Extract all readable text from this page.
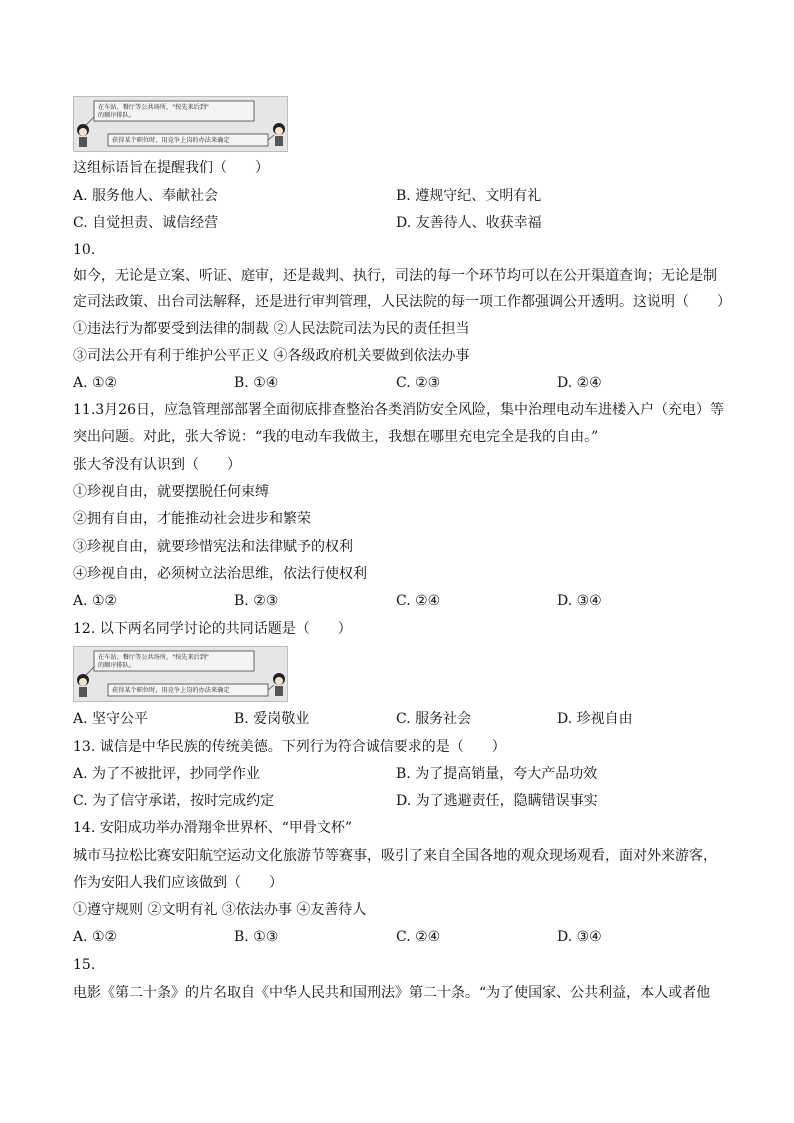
在车站、餐厅等公共场所，"按先来后到"
的顺序排队。
获得某个职位时，用竞争上岗的办法来确定
这组标语旨在提醒我们（　　）
A. 服务他人、奉献社会	B. 遵规守纪、文明有礼
C. 自觉担责、诚信经营	D. 友善待人、收获幸福
10.
如今，无论是立案、听证、庭审，还是裁判、执行，司法的每一个环节均可以在公开渠道查询；无论是制
定司法政策、出台司法解释，还是进行审判管理，人民法院的每一项工作都强调公开透明。这说明（　　）
①违法行为都要受到法律的制裁 ②人民法院司法为民的责任担当
③司法公开有利于维护公平正义 ④各级政府机关要做到依法办事
A. ①②	B. ①④	C. ②③	D. ②④
11.3月26日，应急管理部部署全面彻底排查整治各类消防安全风险，集中治理电动车进楼入户（充电）等
突出问题。对此，张大爷说：“我的电动车我做主，我想在哪里充电完全是我的自由。”
张大爷没有认识到（　　）
①珍视自由，就要摆脱任何束缚
②拥有自由，才能推动社会进步和繁荣
③珍视自由，就要珍惜宪法和法律赋予的权利
④珍视自由，必须树立法治思维，依法行使权利
A. ①②	B. ②③	C. ②④	D. ③④
12. 以下两名同学讨论的共同话题是（　　）
在车站、餐厅等公共场所，"按先来后到"
的顺序排队。
获得某个职位时，用竞争上岗的办法来确定
A. 坚守公平	B. 爱岗敬业	C. 服务社会	D. 珍视自由
13. 诚信是中华民族的传统美德。下列行为符合诚信要求的是（　　）
A. 为了不被批评，抄同学作业	B. 为了提高销量，夸大产品功效
C. 为了信守承诺，按时完成约定	D. 为了逃避责任，隐瞒错误事实
14. 安阳成功举办滑翔伞世界杯、“甲骨文杯”
城市马拉松比赛安阳航空运动文化旅游节等赛事，吸引了来自全国各地的观众现场观看，面对外来游客，
作为安阳人我们应该做到（　　）
①遵守规则 ②文明有礼 ③依法办事 ④友善待人
A. ①②	B. ①③	C. ②④	D. ③④
15.
电影《第二十条》的片名取自《中华人民共和国刑法》第二十条。“为了使国家、公共利益，本人或者他
